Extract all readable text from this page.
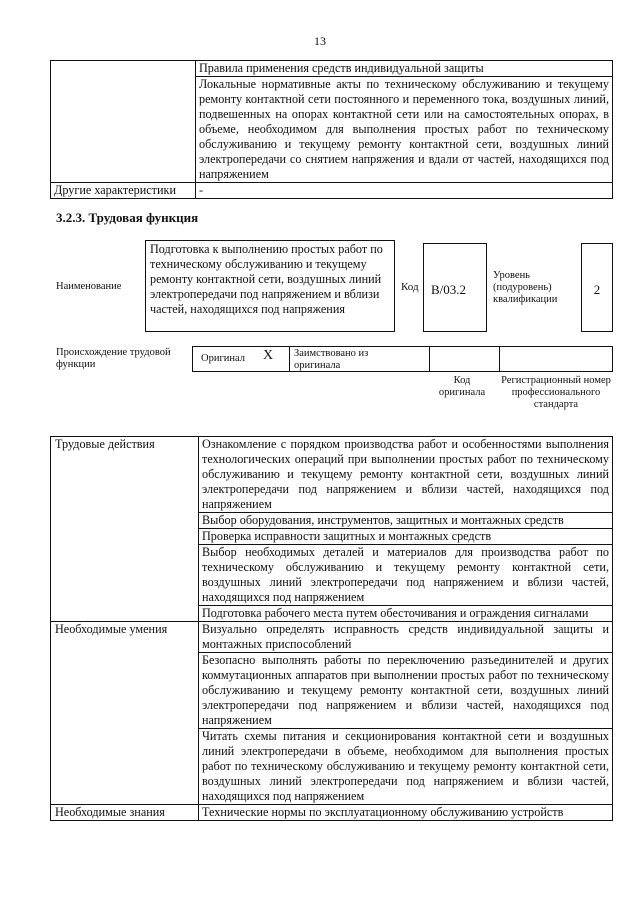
13
	Правила применения средств индивидуальной защиты
	Локальные нормативные акты по техническому обслуживанию и текущему ремонту контактной сети постоянного и переменного тока, воздушных линий, подвешенных на опорах контактной сети или на самостоятельных опорах, в объеме, необходимом для выполнения простых работ по техническому обслуживанию и текущему ремонту контактной сети, воздушных линий электропередачи со снятием напряжения и вдали от частей, находящихся под напряжением
Другие характеристики	-
3.2.3. Трудовая функция
Наименование
Подготовка к выполнению простых работ по техническому обслуживанию и текущему ремонту контактной сети, воздушных линий электропередачи под напряжением и вблизи частей, находящихся под напряжения
Код В/03.2
Уровень (подуровень) квалификации
2
Происхождение трудовой функции
Оригинал X Заимствовано из оригинала
Код оригинала
Регистрационный номер профессионального стандарта
Трудовые действия	Ознакомление с порядком производства работ и особенностями выполнения технологических операций при выполнении простых работ по техническому обслуживанию и текущему ремонту контактной сети, воздушных линий электропередачи под напряжением и вблизи частей, находящихся под напряжением
	Выбор оборудования, инструментов, защитных и монтажных средств
	Проверка исправности защитных и монтажных средств
	Выбор необходимых деталей и материалов для производства работ по техническому обслуживанию и текущему ремонту контактной сети, воздушных линий электропередачи под напряжением и вблизи частей, находящихся под напряжением
	Подготовка рабочего места путем обесточивания и ограждения сигналами
Необходимые умения	Визуально определять исправность средств индивидуальной защиты и монтажных приспособлений
	Безопасно выполнять работы по переключению разъединителей и других коммутационных аппаратов при выполнении простых работ по техническому обслуживанию и текущему ремонту контактной сети, воздушных линий электропередачи под напряжением и вблизи частей, находящихся под напряжением
	Читать схемы питания и секционирования контактной сети и воздушных линий электропередачи в объеме, необходимом для выполнения простых работ по техническому обслуживанию и текущему ремонту контактной сети, воздушных линий электропередачи под напряжением и вблизи частей, находящихся под напряжением
Необходимые знания	Технические нормы по эксплуатационному обслуживанию устройств
